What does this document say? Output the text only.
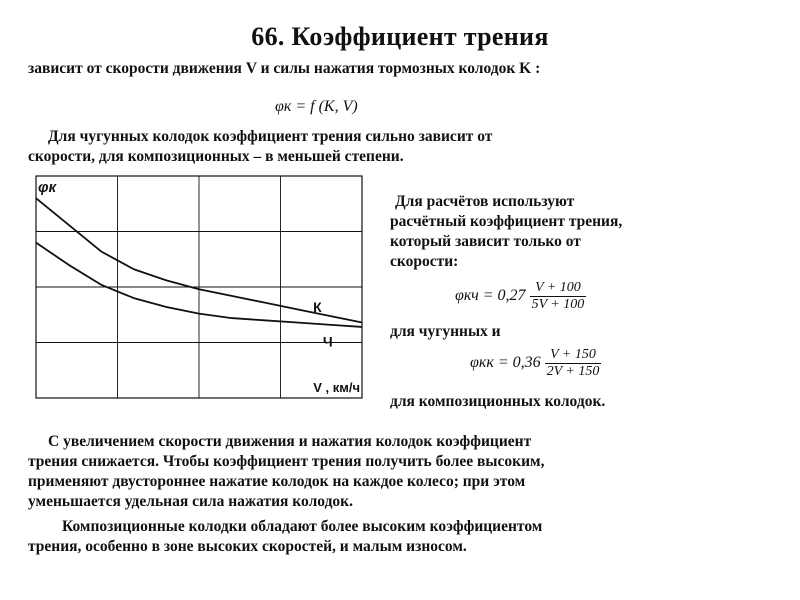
66. Коэффициент трения
зависит от скорости движения V и силы нажатия тормозных колодок K :
φк = f (K, V)
Для чугунных колодок коэффициент трения сильно зависит от
скорости, для композиционных – в меньшей степени.
К
Ч
φк
V , км/ч
Для расчётов используют
расчётный коэффициент трения,
который зависит только от
скорости:
$\varphi кч = 0,27 \frac{V + 100}{5V + 100}$
для чугунных и
$\varphi кк = 0,36 \frac{V + 150}{2V + 150}$
для композиционных колодок.
С увеличением скорости движения и нажатия колодок коэффициент
трения снижается. Чтобы коэффициент трения получить более высоким,
применяют двустороннее нажатие колодок на каждое колесо; при этом
уменьшается удельная сила нажатия колодок.
Композиционные колодки обладают более высоким коэффициентом
трения, особенно в зоне высоких скоростей, и малым износом.
